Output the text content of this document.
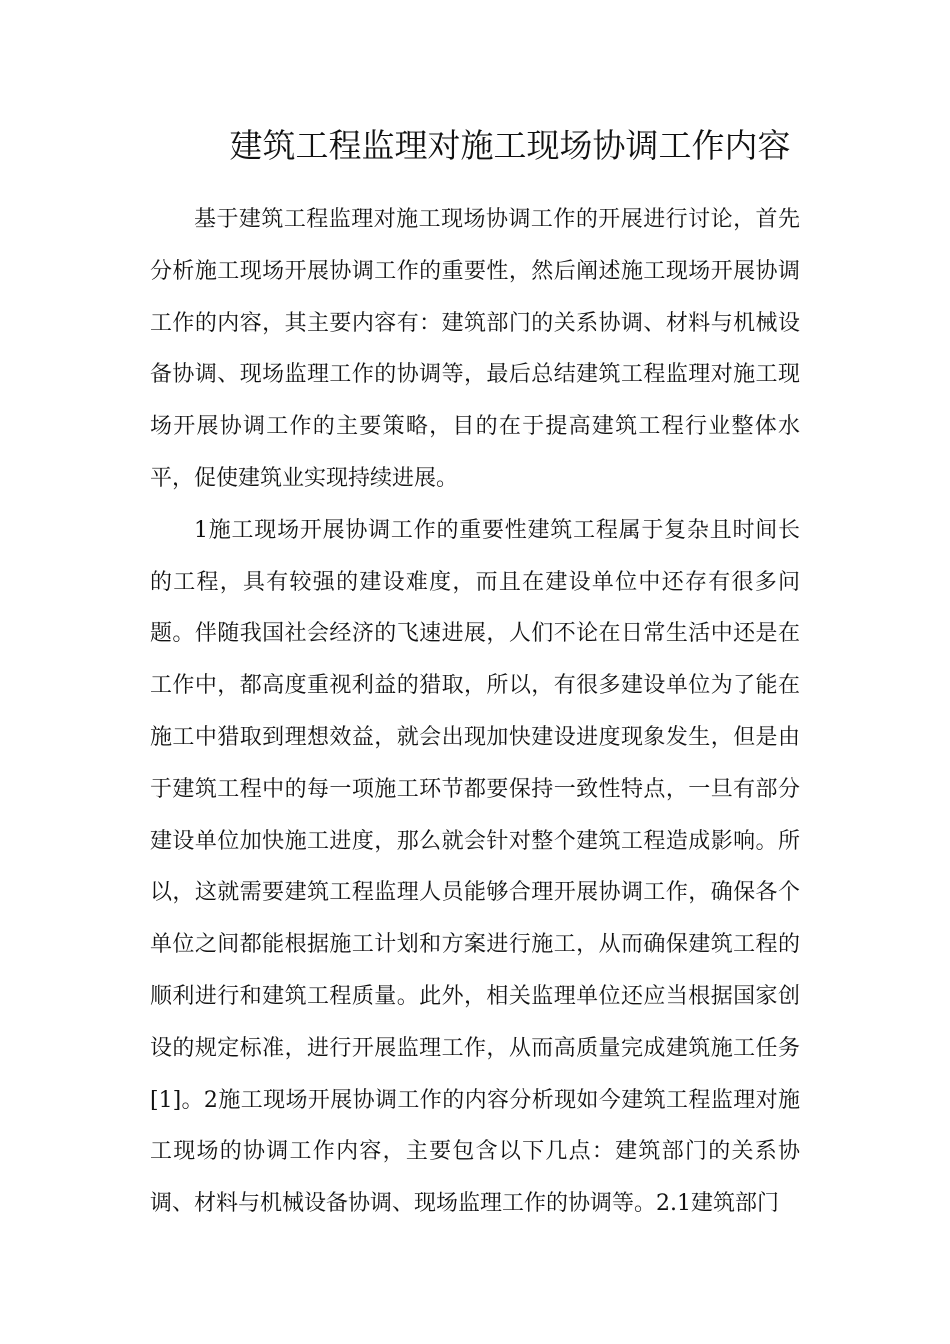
建筑工程监理对施工现场协调工作内容

基于建筑工程监理对施工现场协调工作的开展进行讨论，首先分析施工现场开展协调工作的重要性，然后阐述施工现场开展协调工作的内容，其主要内容有：建筑部门的关系协调、材料与机械设备协调、现场监理工作的协调等，最后总结建筑工程监理对施工现场开展协调工作的主要策略，目的在于提高建筑工程行业整体水平，促使建筑业实现持续进展。

1施工现场开展协调工作的重要性建筑工程属于复杂且时间长的工程，具有较强的建设难度，而且在建设单位中还存有很多问题。伴随我国社会经济的飞速进展，人们不论在日常生活中还是在工作中，都高度重视利益的猎取，所以，有很多建设单位为了能在施工中猎取到理想效益，就会出现加快建设进度现象发生，但是由于建筑工程中的每一项施工环节都要保持一致性特点，一旦有部分建设单位加快施工进度，那么就会针对整个建筑工程造成影响。所以，这就需要建筑工程监理人员能够合理开展协调工作，确保各个单位之间都能根据施工计划和方案进行施工，从而确保建筑工程的顺利进行和建筑工程质量。此外，相关监理单位还应当根据国家创设的规定标准，进行开展监理工作，从而高质量完成建筑施工任务[1]。2施工现场开展协调工作的内容分析现如今建筑工程监理对施工现场的协调工作内容，主要包含以下几点：建筑部门的关系协调、材料与机械设备协调、现场监理工作的协调等。2.1建筑部门
